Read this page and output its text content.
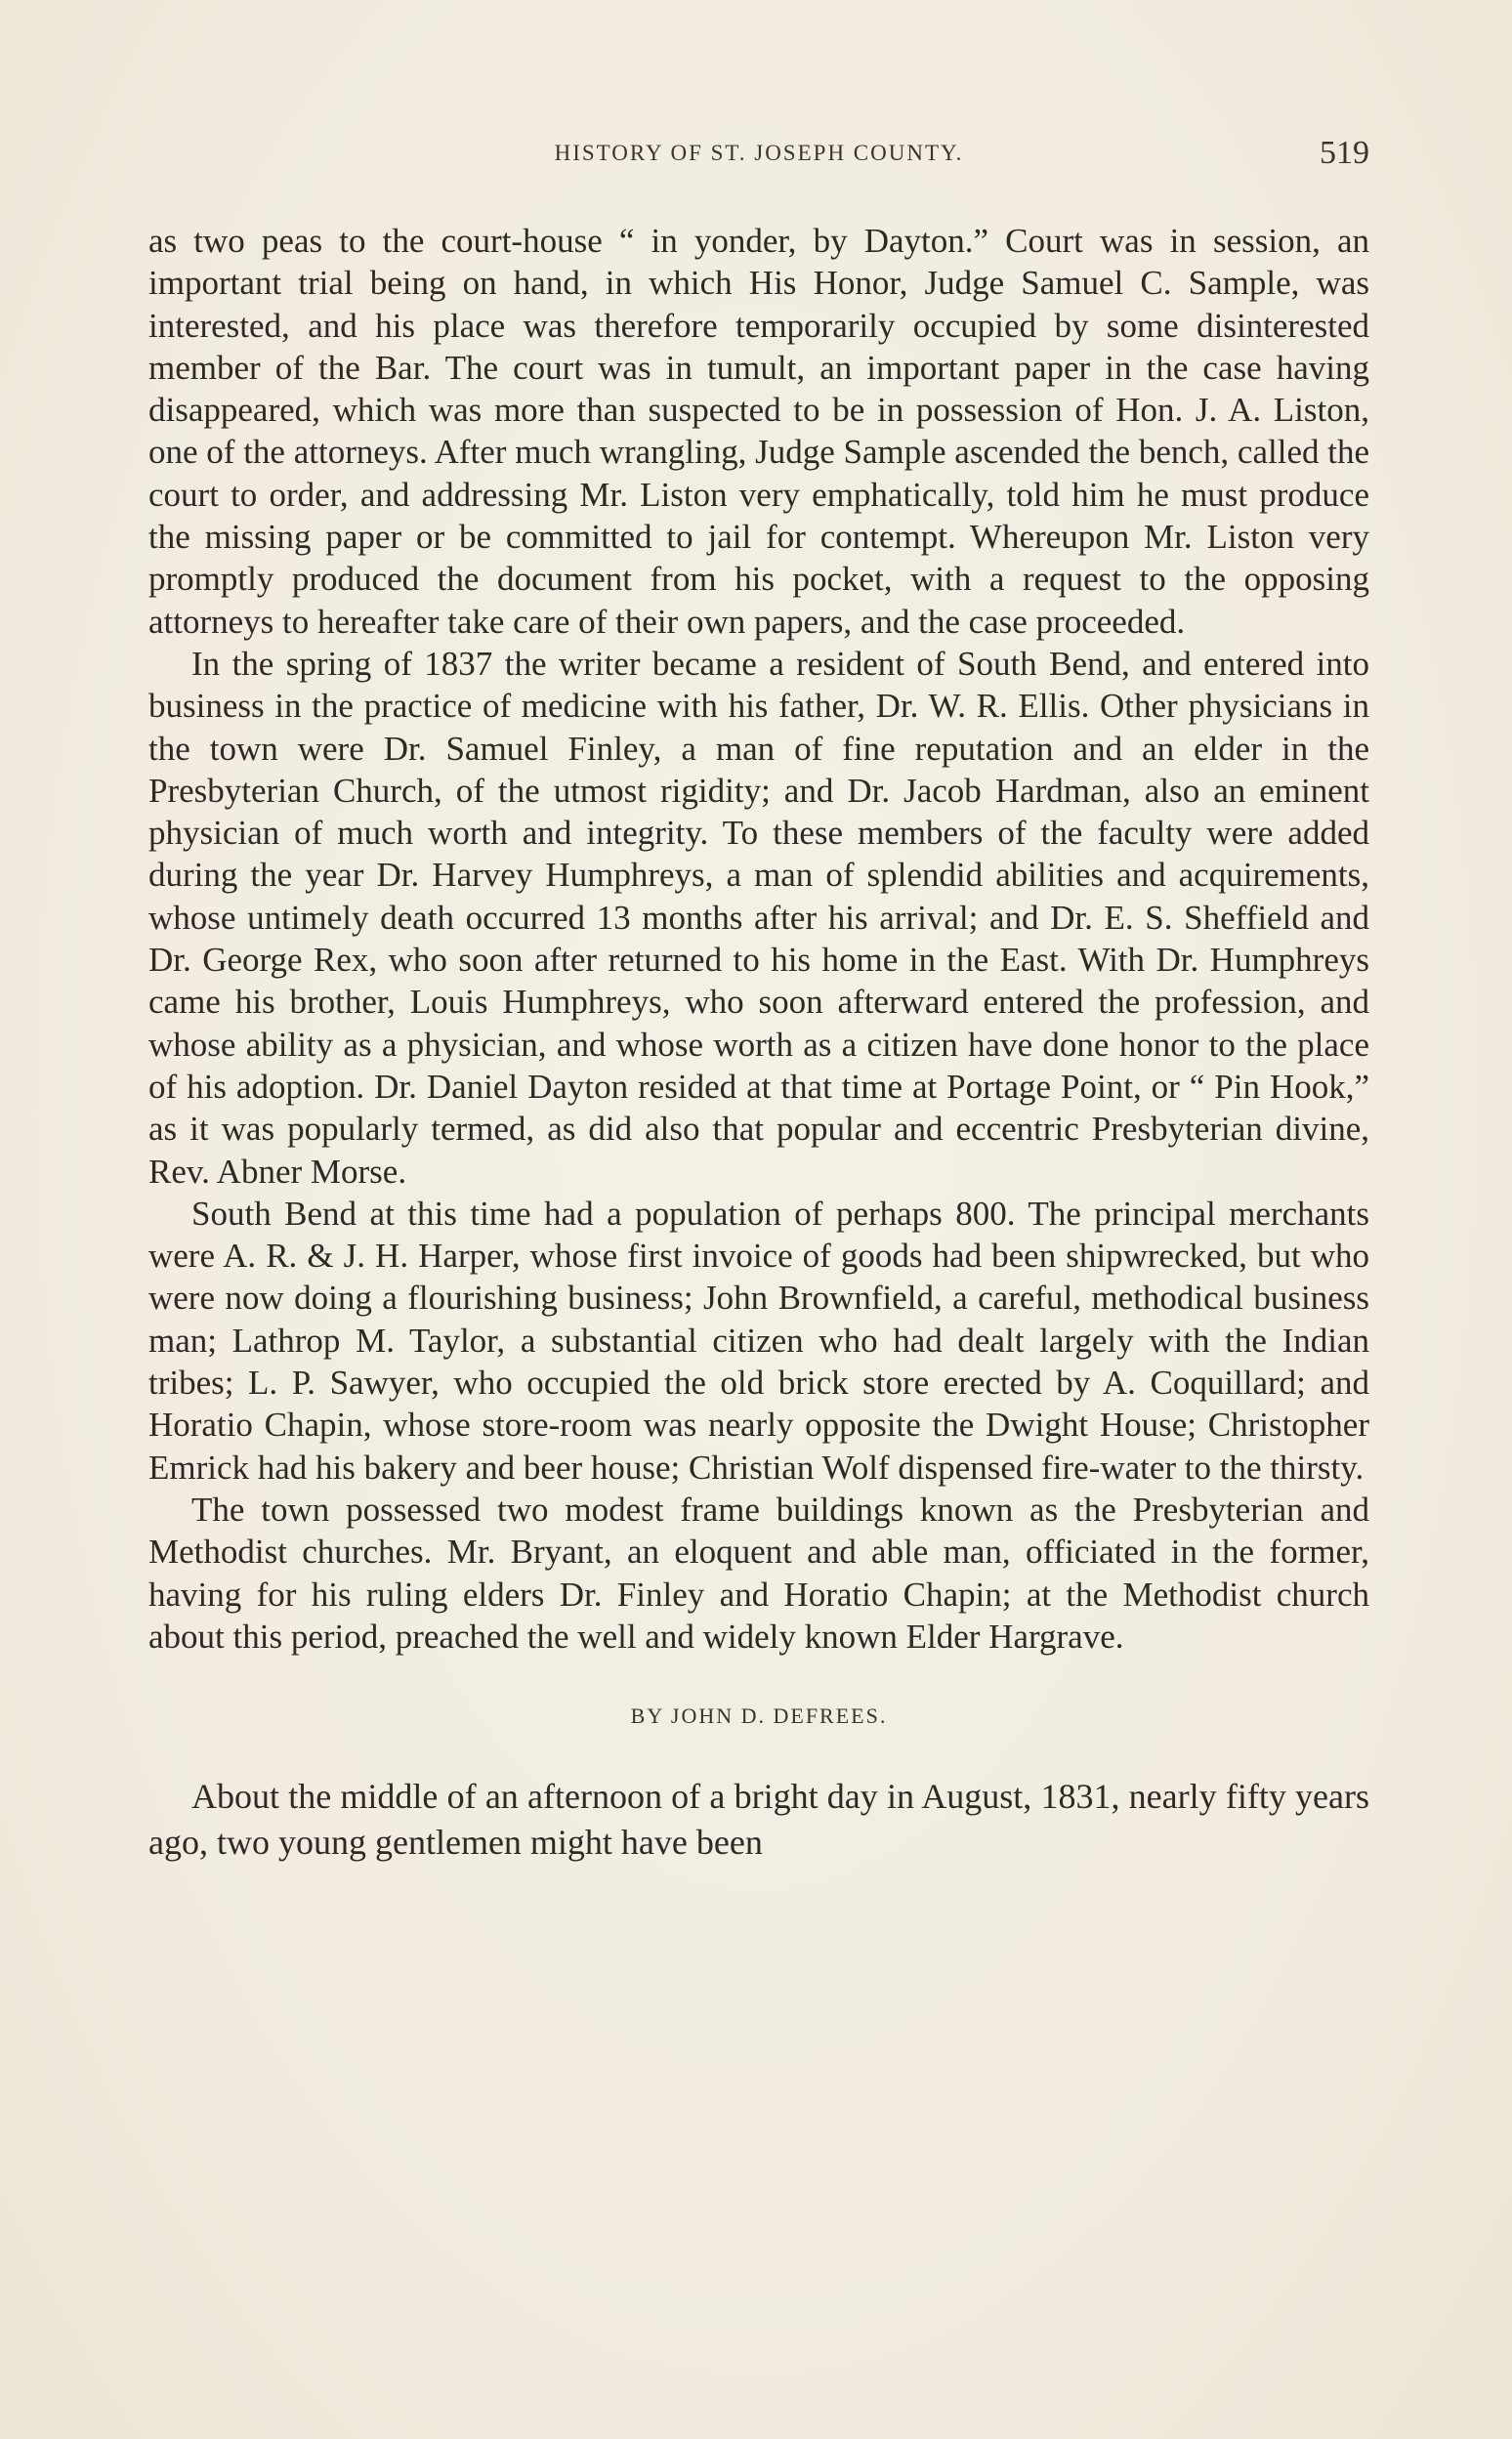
HISTORY OF ST. JOSEPH COUNTY.	519

as two peas to the court-house “ in yonder, by Dayton.” Court was in session, an important trial being on hand, in which His Honor, Judge Samuel C. Sample, was interested, and his place was therefore temporarily occupied by some disinterested member of the Bar. The court was in tumult, an important paper in the case having disappeared, which was more than suspected to be in possession of Hon. J. A. Liston, one of the attorneys. After much wrangling, Judge Sample ascended the bench, called the court to order, and addressing Mr. Liston very emphatically, told him he must produce the missing paper or be committed to jail for contempt. Whereupon Mr. Liston very promptly produced the document from his pocket, with a request to the opposing attorneys to hereafter take care of their own papers, and the case proceeded.

In the spring of 1837 the writer became a resident of South Bend, and entered into business in the practice of medicine with his father, Dr. W. R. Ellis. Other physicians in the town were Dr. Samuel Finley, a man of fine reputation and an elder in the Presbyterian Church, of the utmost rigidity; and Dr. Jacob Hardman, also an eminent physician of much worth and integrity. To these members of the faculty were added during the year Dr. Harvey Humphreys, a man of splendid abilities and acquirements, whose untimely death occurred 13 months after his arrival; and Dr. E. S. Sheffield and Dr. George Rex, who soon after returned to his home in the East. With Dr. Humphreys came his brother, Louis Humphreys, who soon afterward entered the profession, and whose ability as a physician, and whose worth as a citizen have done honor to the place of his adoption. Dr. Daniel Dayton resided at that time at Portage Point, or “ Pin Hook,” as it was popularly termed, as did also that popular and eccentric Presbyterian divine, Rev. Abner Morse.

South Bend at this time had a population of perhaps 800. The principal merchants were A. R. & J. H. Harper, whose first invoice of goods had been shipwrecked, but who were now doing a flourishing business; John Brownfield, a careful, methodical business man; Lathrop M. Taylor, a substantial citizen who had dealt largely with the Indian tribes; L. P. Sawyer, who occupied the old brick store erected by A. Coquillard; and Horatio Chapin, whose store-room was nearly opposite the Dwight House; Christopher Emrick had his bakery and beer house; Christian Wolf dispensed fire-water to the thirsty.

The town possessed two modest frame buildings known as the Presbyterian and Methodist churches. Mr. Bryant, an eloquent and able man, officiated in the former, having for his ruling elders Dr. Finley and Horatio Chapin; at the Methodist church about this period, preached the well and widely known Elder Hargrave.

BY JOHN D. DEFREES.

About the middle of an afternoon of a bright day in August, 1831, nearly fifty years ago, two young gentlemen might have been
